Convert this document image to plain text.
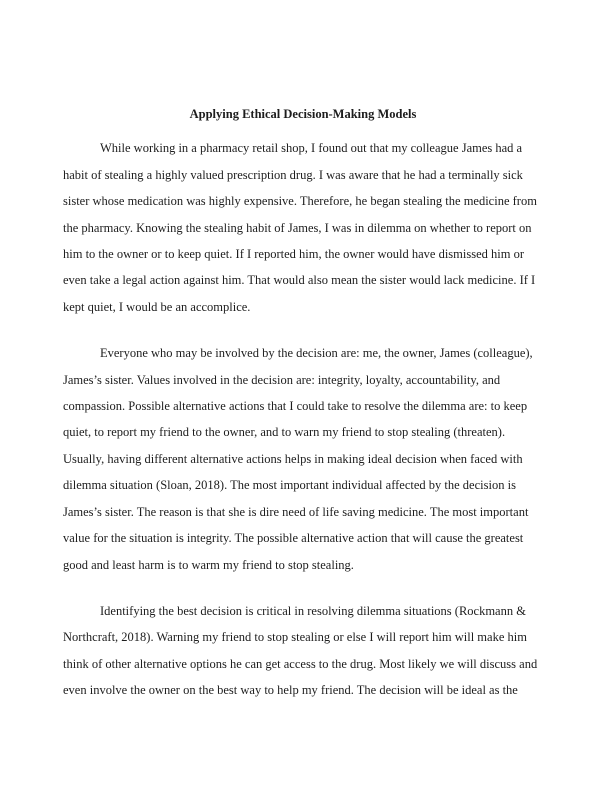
Applying Ethical Decision-Making Models
While working in a pharmacy retail shop, I found out that my colleague James had a
habit of stealing a highly valued prescription drug. I was aware that he had a terminally sick
sister whose medication was highly expensive. Therefore, he began stealing the medicine from
the pharmacy. Knowing the stealing habit of James, I was in dilemma on whether to report on
him to the owner or to keep quiet. If I reported him, the owner would have dismissed him or
even take a legal action against him. That would also mean the sister would lack medicine. If I
kept quiet, I would be an accomplice.
Everyone who may be involved by the decision are: me, the owner, James (colleague),
James’s sister. Values involved in the decision are: integrity, loyalty, accountability, and
compassion. Possible alternative actions that I could take to resolve the dilemma are: to keep
quiet, to report my friend to the owner, and to warn my friend to stop stealing (threaten).
Usually, having different alternative actions helps in making ideal decision when faced with
dilemma situation (Sloan, 2018). The most important individual affected by the decision is
James’s sister. The reason is that she is dire need of life saving medicine. The most important
value for the situation is integrity. The possible alternative action that will cause the greatest
good and least harm is to warm my friend to stop stealing.
Identifying the best decision is critical in resolving dilemma situations (Rockmann &
Northcraft, 2018). Warning my friend to stop stealing or else I will report him will make him
think of other alternative options he can get access to the drug. Most likely we will discuss and
even involve the owner on the best way to help my friend. The decision will be ideal as the
